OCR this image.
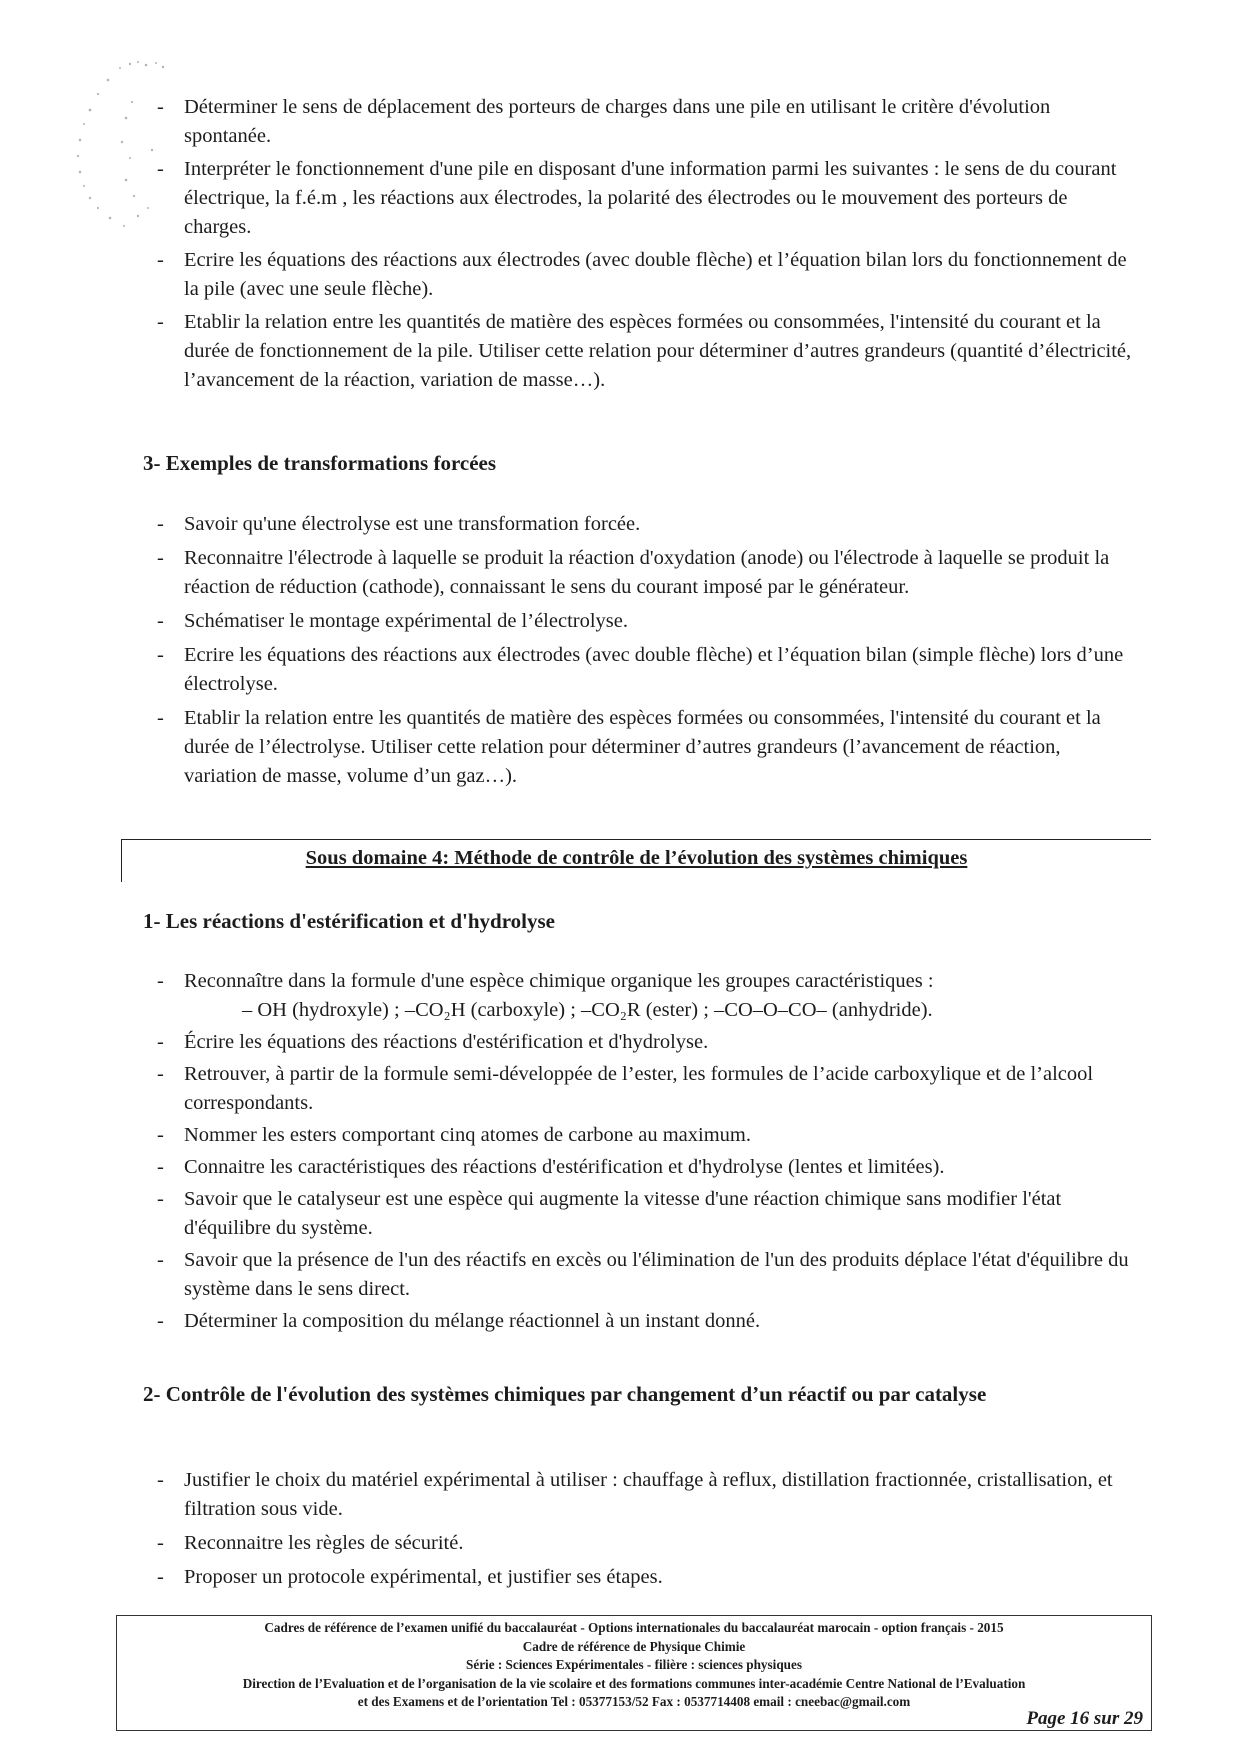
- Déterminer le sens de déplacement des porteurs de charges dans une pile en utilisant le critère d'évolution spontanée.
- Interpréter le fonctionnement d'une pile en disposant d'une information parmi les suivantes : le sens de du courant électrique, la f.é.m , les réactions aux électrodes, la polarité des électrodes ou le mouvement des porteurs de charges.
- Ecrire les équations des réactions aux électrodes (avec double flèche) et l’équation bilan lors du fonctionnement de la pile (avec une seule flèche).
- Etablir la relation entre les quantités de matière des espèces formées ou consommées, l'intensité du courant et la durée de fonctionnement de la pile. Utiliser cette relation pour déterminer d’autres grandeurs (quantité d’électricité, l’avancement de la réaction, variation de masse…).
3- Exemples de transformations forcées
- Savoir qu'une électrolyse est une transformation forcée.
- Reconnaitre l'électrode à laquelle se produit la réaction d'oxydation (anode) ou l'électrode à laquelle se produit la réaction de réduction (cathode), connaissant le sens du courant imposé par le générateur.
- Schématiser le montage expérimental de l’électrolyse.
- Ecrire les équations des réactions aux électrodes (avec double flèche) et l’équation bilan (simple flèche) lors d’une électrolyse.
- Etablir la relation entre les quantités de matière des espèces formées ou consommées, l'intensité du courant et la durée de l’électrolyse. Utiliser cette relation pour déterminer d’autres grandeurs (l’avancement de réaction, variation de masse, volume d’un gaz…).
Sous domaine 4: Méthode de contrôle de l’évolution des systèmes chimiques
1- Les réactions d'estérification et d'hydrolyse
- Reconnaître dans la formule d'une espèce chimique organique les groupes caractéristiques :
– OH (hydroxyle) ; –CO₂H (carboxyle) ; –CO₂R (ester) ; –CO–O–CO– (anhydride).
- Écrire les équations des réactions d'estérification et d'hydrolyse.
- Retrouver, à partir de la formule semi-développée de l’ester, les formules de l’acide carboxylique et de l’alcool correspondants.
- Nommer les esters comportant cinq atomes de carbone au maximum.
- Connaitre les caractéristiques des réactions d'estérification et d'hydrolyse (lentes et limitées).
- Savoir que le catalyseur est une espèce qui augmente la vitesse d'une réaction chimique sans modifier l'état d'équilibre du système.
- Savoir que la présence de l'un des réactifs en excès ou l'élimination de l'un des produits déplace l'état d'équilibre du système dans le sens direct.
- Déterminer la composition du mélange réactionnel à un instant donné.
2- Contrôle de l'évolution des systèmes chimiques par changement d’un réactif ou par catalyse
- Justifier le choix du matériel expérimental à utiliser : chauffage à reflux, distillation fractionnée, cristallisation, et filtration sous vide.
- Reconnaitre les règles de sécurité.
- Proposer un protocole expérimental, et justifier ses étapes.
Cadres de référence de l’examen unifié du baccalauréat - Options internationales du baccalauréat marocain - option français - 2015
Cadre de référence de Physique Chimie
Série : Sciences Expérimentales - filière : sciences physiques
Direction de l’Evaluation et de l’organisation de la vie scolaire et des formations communes inter-académie Centre National de l’Evaluation
et des Examens et de l’orientation Tel : 05377153/52 Fax : 0537714408 email : cneebac@gmail.com
Page 16 sur 29
